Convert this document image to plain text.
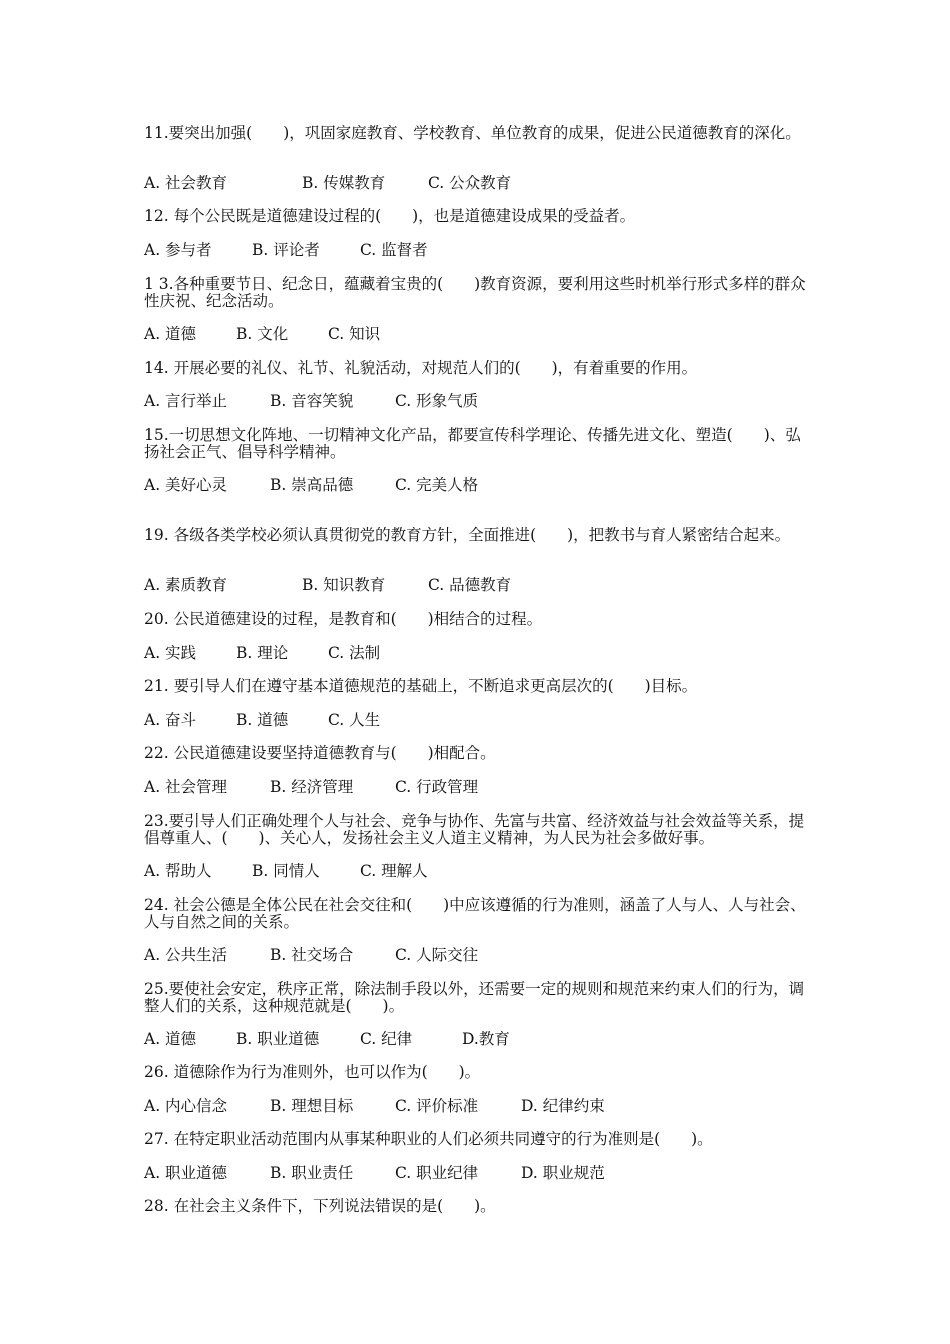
11.要突出加强(　　)，巩固家庭教育、学校教育、单位教育的成果，促进公民道德教育的深化。
A. 社会教育	B. 传媒教育	C. 公众教育
12. 每个公民既是道德建设过程的(　　)，也是道德建设成果的受益者。
A. 参与者	B. 评论者	C. 监督者
1 3.各种重要节日、纪念日，蕴藏着宝贵的(　　)教育资源，要利用这些时机举行形式多样的群众性庆祝、纪念活动。
A. 道德	B. 文化	C. 知识
14. 开展必要的礼仪、礼节、礼貌活动，对规范人们的(　　)，有着重要的作用。
A. 言行举止	B. 音容笑貌	C. 形象气质
15.一切思想文化阵地、一切精神文化产品，都要宣传科学理论、传播先进文化、塑造(　　)、弘扬社会正气、倡导科学精神。
A. 美好心灵	B. 崇高品德	C. 完美人格
19. 各级各类学校必须认真贯彻党的教育方针，全面推进(　　)，把教书与育人紧密结合起来。
A. 素质教育	B. 知识教育	C. 品德教育
20. 公民道德建设的过程，是教育和(　　)相结合的过程。
A. 实践	B. 理论	C. 法制
21. 要引导人们在遵守基本道德规范的基础上，不断追求更高层次的(　　)目标。
A. 奋斗	B. 道德	C. 人生
22. 公民道德建设要坚持道德教育与(　　)相配合。
A. 社会管理	B. 经济管理	C. 行政管理
23.要引导人们正确处理个人与社会、竞争与协作、先富与共富、经济效益与社会效益等关系，提倡尊重人、(　　)、关心人，发扬社会主义人道主义精神，为人民为社会多做好事。
A. 帮助人	B. 同情人	C. 理解人
24. 社会公德是全体公民在社会交往和(　　)中应该遵循的行为准则，涵盖了人与人、人与社会、人与自然之间的关系。
A. 公共生活	B. 社交场合	C. 人际交往
25.要使社会安定，秩序正常，除法制手段以外，还需要一定的规则和规范来约束人们的行为，调整人们的关系，这种规范就是(　　)。
A. 道德	B. 职业道德	C. 纪律	D.教育
26. 道德除作为行为准则外，也可以作为(　　)。
A. 内心信念	B. 理想目标	C. 评价标准	D. 纪律约束
27. 在特定职业活动范围内从事某种职业的人们必须共同遵守的行为准则是(　　)。
A. 职业道德	B. 职业责任	C. 职业纪律	D. 职业规范
28. 在社会主义条件下，下列说法错误的是(　　)。
